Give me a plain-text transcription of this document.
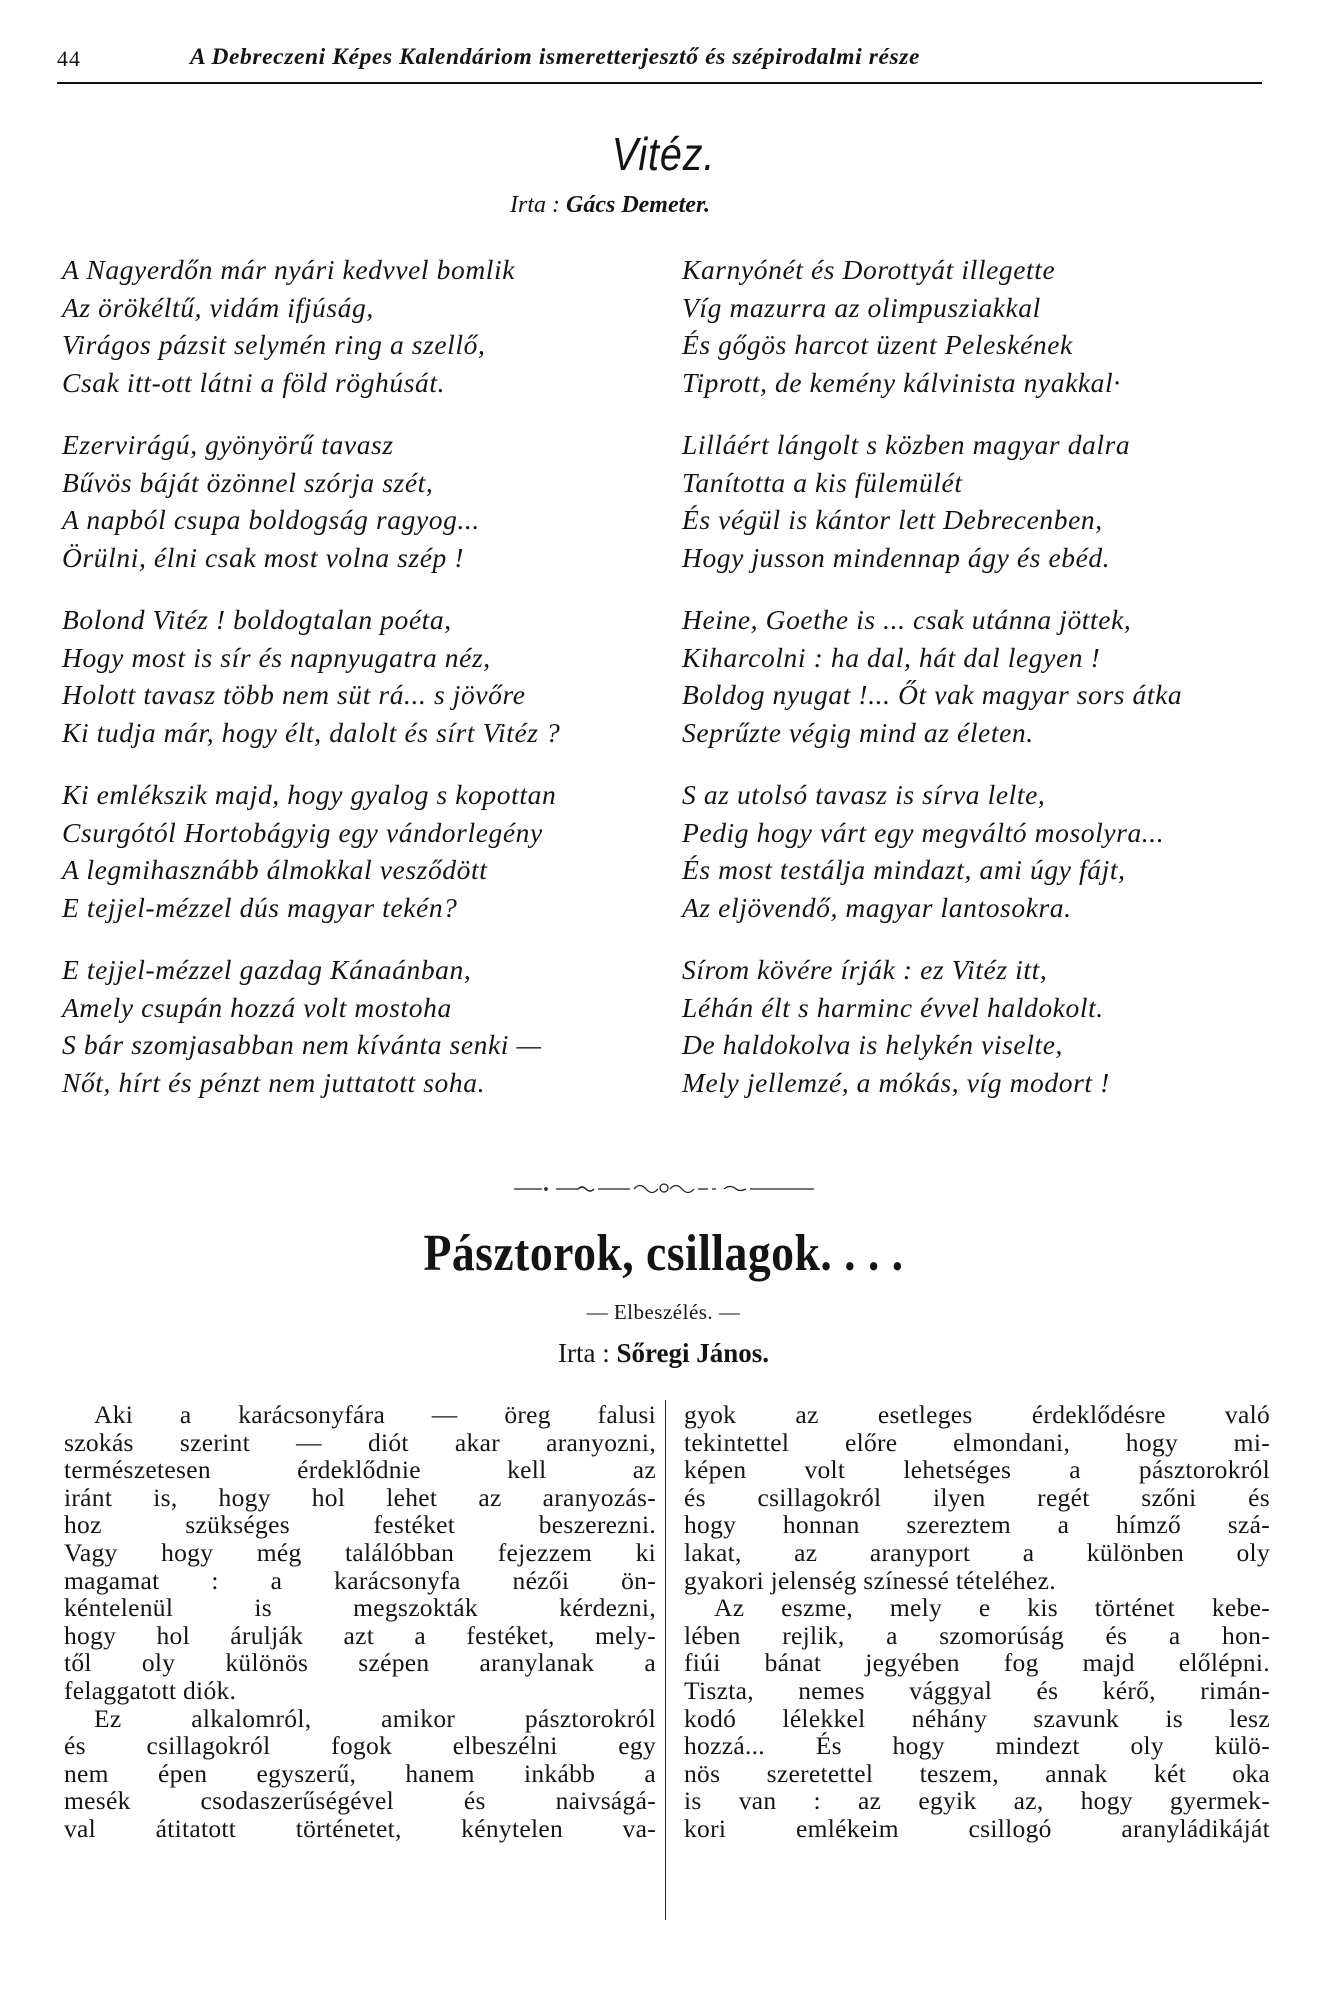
44	A Debreczeni Képes Kalendáriom ismeretterjesztő és szépirodalmi része
Vitéz.
Irta : Gács Demeter.
A Nagyerdőn már nyári kedvvel bomlik
Az örökéltű, vidám ifjúság,
Virágos pázsit selymén ring a szellő,
Csak itt-ott látni a föld röghúsát.
Ezervirágú, gyönyörű tavasz
Bűvös báját özönnel szórja szét,
A napból csupa boldogság ragyog...
Örülni, élni csak most volna szép !
Bolond Vitéz ! boldogtalan poéta,
Hogy most is sír és napnyugatra néz,
Holott tavasz több nem süt rá... s jövőre
Ki tudja már, hogy élt, dalolt és sírt Vitéz ?
Ki emlékszik majd, hogy gyalog s kopottan
Csurgótól Hortobágyig egy vándorlegény
A legmihasznább álmokkal vesződött
E tejjel-mézzel dús magyar tekén?
E tejjel-mézzel gazdag Kánaánban,
Amely csupán hozzá volt mostoha
S bár szomjasabban nem kívánta senki —
Nőt, hírt és pénzt nem juttatott soha.
Karnyónét és Dorottyát illegette
Víg mazurra az olimpusziakkal
És gőgös harcot üzent Peleskének
Tiprott, de kemény kálvinista nyakkal·
Lilláért lángolt s közben magyar dalra
Tanította a kis fülemülét
És végül is kántor lett Debrecenben,
Hogy jusson mindennap ágy és ebéd.
Heine, Goethe is ... csak utánna jöttek,
Kiharcolni : ha dal, hát dal legyen !
Boldog nyugat !... Őt vak magyar sors átka
Seprűzte végig mind az életen.
S az utolsó tavasz is sírva lelte,
Pedig hogy várt egy megváltó mosolyra...
És most testálja mindazt, ami úgy fájt,
Az eljövendő, magyar lantosokra.
Sírom kövére írják : ez Vitéz itt,
Léhán élt s harminc évvel haldokolt.
De haldokolva is helykén viselte,
Mely jellemzé, a mókás, víg modort !
Pásztorok, csillagok. . . .
— Elbeszélés. —
Irta : Sőregi János.
Aki a karácsonyfára — öreg falusi
szokás szerint — diót akar aranyozni,
természetesen érdeklődnie kell az
iránt is, hogy hol lehet az aranyozás-
hoz szükséges festéket beszerezni.
Vagy hogy még találóbban fejezzem ki
magamat : a karácsonyfa nézői ön-
kéntelenül is megszokták kérdezni,
hogy hol árulják azt a festéket, mely-
től oly különös szépen aranylanak a
felaggatott diók.
Ez alkalomról, amikor pásztorokról
és csillagokról fogok elbeszélni egy
nem épen egyszerű, hanem inkább a
mesék csodaszerűségével és naivságá-
val átitatott történetet, kénytelen va-
gyok az esetleges érdeklődésre való
tekintettel előre elmondani, hogy mi-
képen volt lehetséges a pásztorokról
és csillagokról ilyen regét szőni és
hogy honnan szereztem a hímző szá-
lakat, az aranyport a különben oly
gyakori jelenség színessé tételéhez.
Az eszme, mely e kis történet kebe-
lében rejlik, a szomorúság és a hon-
fiúi bánat jegyében fog majd előlépni.
Tiszta, nemes vággyal és kérő, rimán-
kodó lélekkel néhány szavunk is lesz
hozzá... És hogy mindezt oly külö-
nös szeretettel teszem, annak két oka
is van : az egyik az, hogy gyermek-
kori emlékeim csillogó aranyládikáját
